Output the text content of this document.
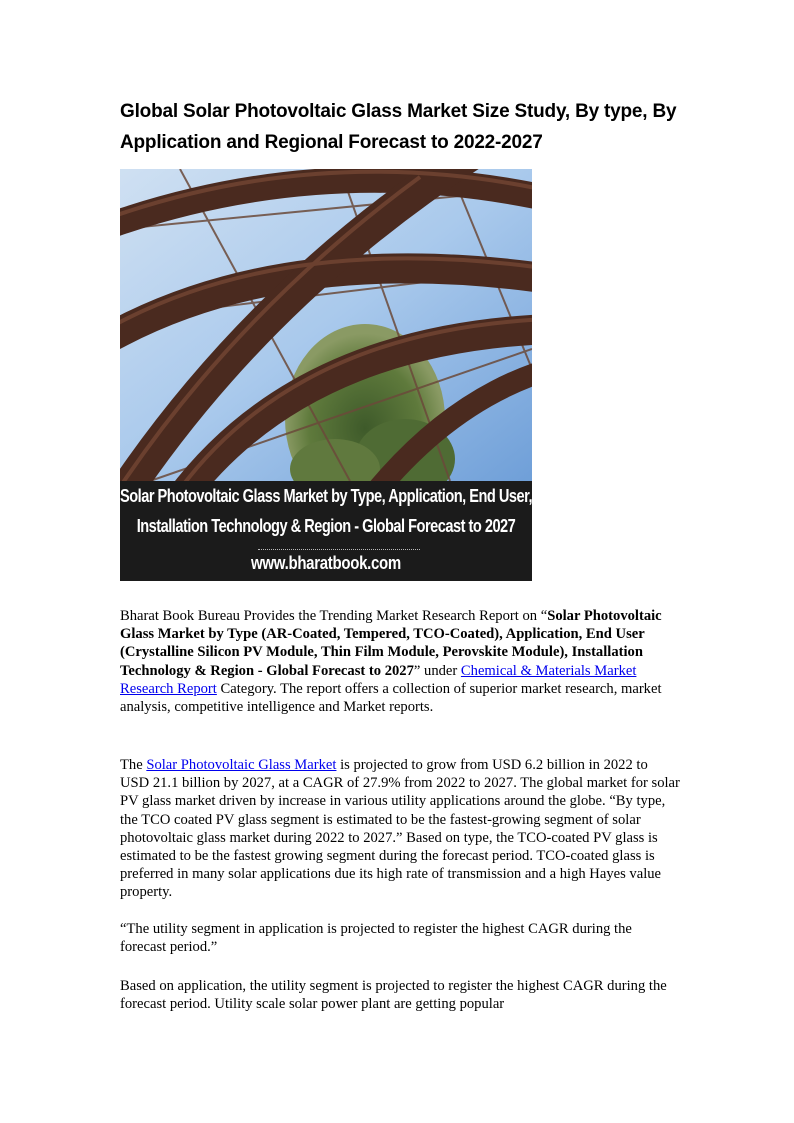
Global Solar Photovoltaic Glass Market Size Study, By type, By Application and Regional Forecast to 2022-2027
Solar Photovoltaic Glass Market by Type, Application, End User,
Installation Technology & Region - Global Forecast to 2027
www.bharatbook.com
Bharat Book Bureau Provides the Trending Market Research Report on “Solar Photovoltaic Glass Market by Type (AR-Coated, Tempered, TCO-Coated), Application, End User (Crystalline Silicon PV Module, Thin Film Module, Perovskite Module), Installation Technology & Region - Global Forecast to 2027” under Chemical & Materials Market Research Report Category. The report offers a collection of superior market research, market analysis, competitive intelligence and Market reports.
The Solar Photovoltaic Glass Market is projected to grow from USD 6.2 billion in 2022 to USD 21.1 billion by 2027, at a CAGR of 27.9% from 2022 to 2027. The global market for solar PV glass market driven by increase in various utility applications around the globe. “By type, the TCO coated PV glass segment is estimated to be the fastest-growing segment of solar photovoltaic glass market during 2022 to 2027.” Based on type, the TCO-coated PV glass is estimated to be the fastest growing segment during the forecast period. TCO-coated glass is preferred in many solar applications due its high rate of transmission and a high Hayes value property.
“The utility segment in application is projected to register the highest CAGR during the forecast period.”
Based on application, the utility segment is projected to register the highest CAGR during the forecast period. Utility scale solar power plant are getting popular
